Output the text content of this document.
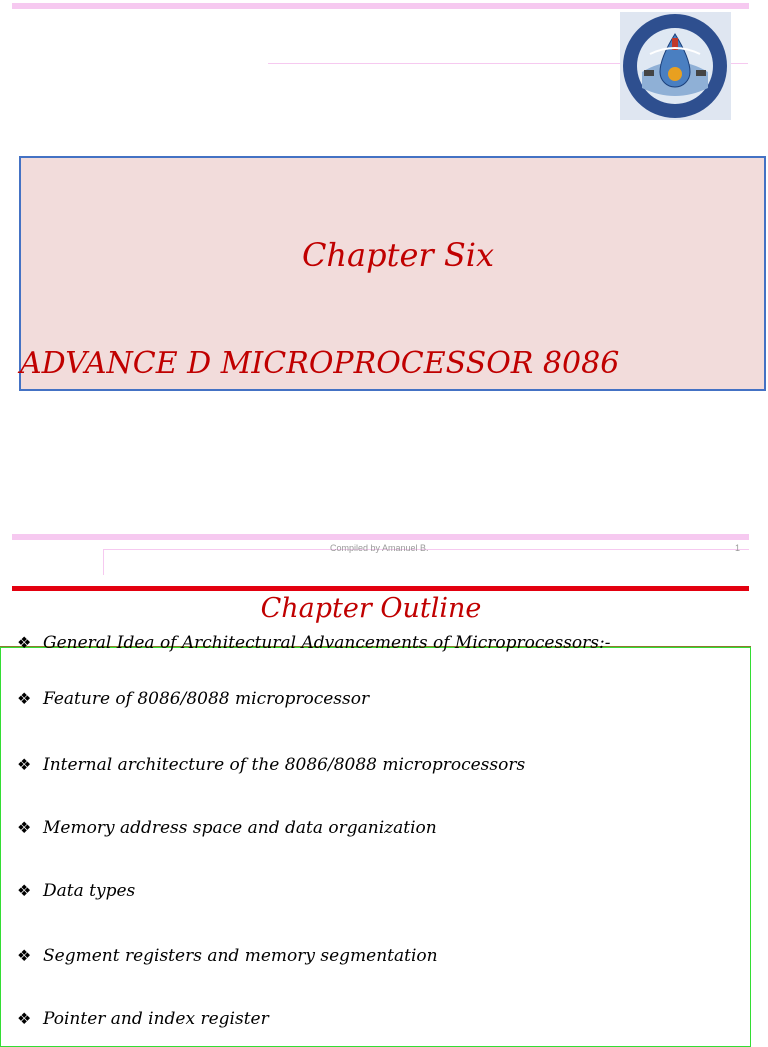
Chapter Six
ADVANCE D MICROPROCESSOR 8086
Compiled by Amanuel B.	1
Chapter Outline
❖ General Idea of Architectural Advancements of Microprocessors:-
❖ Feature of 8086/8088 microprocessor
❖ Internal architecture of the 8086/8088 microprocessors
❖ Memory address space and data organization
❖ Data types
❖ Segment registers and memory segmentation
❖ Pointer and index register
